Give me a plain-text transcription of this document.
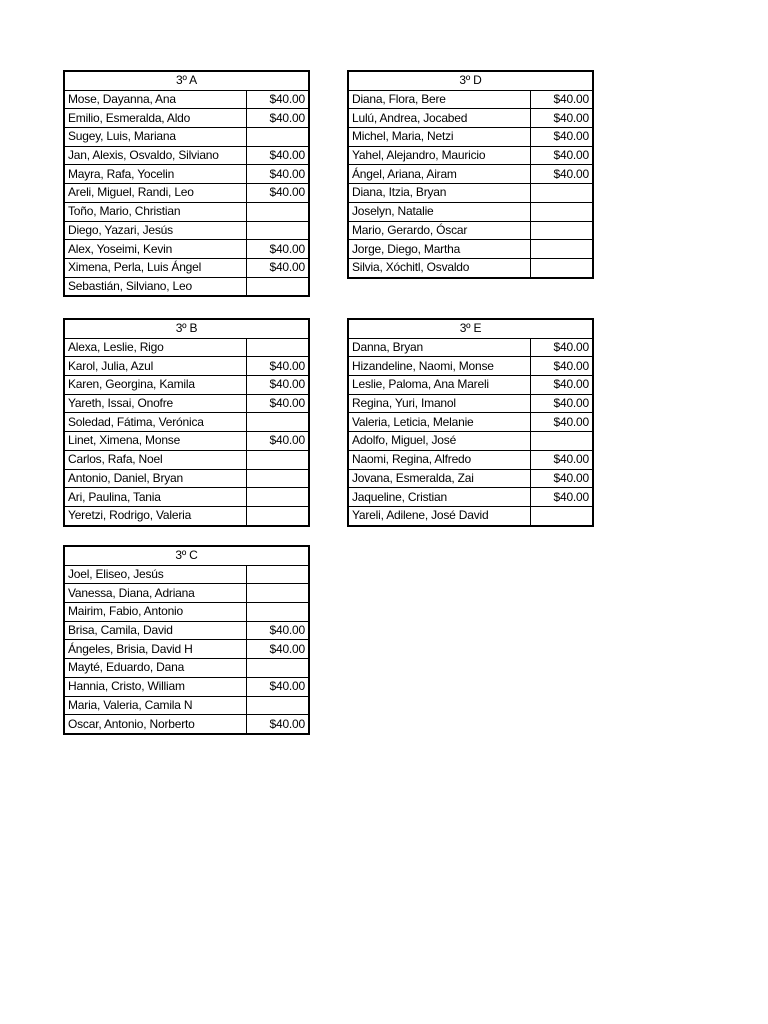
3º A	
Mose, Dayanna, Ana	$40.00
Emilio, Esmeralda, Aldo	$40.00
Sugey, Luis, Mariana	
Jan, Alexis, Osvaldo, Silviano	$40.00
Mayra, Rafa, Yocelin	$40.00
Areli, Miguel, Randi, Leo	$40.00
Toño, Mario, Christian	
Diego, Yazari, Jesús	
Alex, Yoseimi, Kevin	$40.00
Ximena, Perla, Luis Ángel	$40.00
Sebastián, Silviano, Leo	
3º D	
Diana, Flora, Bere	$40.00
Lulú, Andrea, Jocabed	$40.00
Michel, Maria, Netzi	$40.00
Yahel, Alejandro, Mauricio	$40.00
Ángel, Ariana, Airam	$40.00
Diana, Itzia, Bryan	
Joselyn, Natalie	
Mario, Gerardo, Óscar	
Jorge, Diego, Martha	
Silvia, Xóchitl, Osvaldo	
3º B	
Alexa, Leslie, Rigo	
Karol, Julia, Azul	$40.00
Karen, Georgina, Kamila	$40.00
Yareth, Issai, Onofre	$40.00
Soledad, Fátima, Verónica	
Linet, Ximena, Monse	$40.00
Carlos, Rafa, Noel	
Antonio, Daniel, Bryan	
Ari, Paulina, Tania	
Yeretzi, Rodrigo, Valeria	
3º E	
Danna, Bryan	$40.00
Hizandeline, Naomi, Monse	$40.00
Leslie, Paloma, Ana Mareli	$40.00
Regina, Yuri, Imanol	$40.00
Valeria, Leticia, Melanie	$40.00
Adolfo, Miguel, José	
Naomi, Regina, Alfredo	$40.00
Jovana, Esmeralda, Zai	$40.00
Jaqueline, Cristian	$40.00
Yareli, Adilene, José David	
3º C	
Joel, Eliseo, Jesús	
Vanessa, Diana, Adriana	
Mairim, Fabio, Antonio	
Brisa, Camila, David	$40.00
Ángeles, Brisia, David H	$40.00
Mayté, Eduardo, Dana	
Hannia, Cristo, William	$40.00
Maria, Valeria, Camila N	
Oscar, Antonio, Norberto	$40.00
